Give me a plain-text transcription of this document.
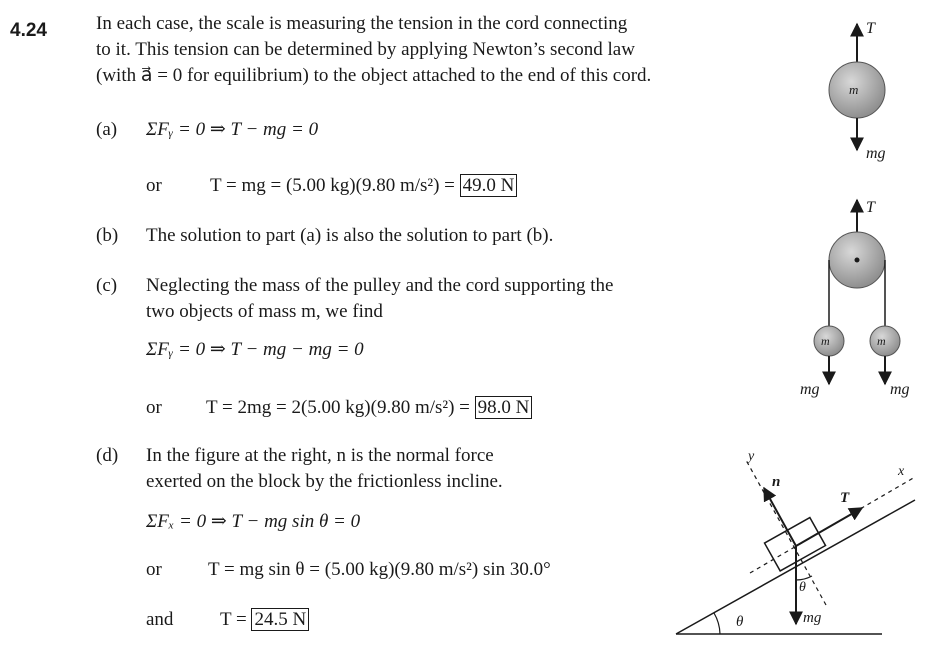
4.24	In each case, the scale is measuring the tension in the cord connecting
to it. This tension can be determined by applying Newton’s second law
(with a⃗ = 0 for equilibrium) to the object attached to the end of this cord.
(a) ΣFᵧ = 0 ⇒ T − mg = 0
or	T = mg = (5.00 kg)(9.80 m/s²) = 49.0 N
(b) The solution to part (a) is also the solution to part (b).
(c) Neglecting the mass of the pulley and the cord supporting the
two objects of mass m, we find
ΣFᵧ = 0 ⇒ T − mg − mg = 0
or T = 2mg = 2(5.00 kg)(9.80 m/s²) = 98.0 N
(d) In the figure at the right, n is the normal force
exerted on the block by the frictionless incline.
ΣFₓ = 0 ⇒ T − mg sin θ = 0
or T = mg sin θ = (5.00 kg)(9.80 m/s²) sin 30.0°
and T = 24.5 N
T
m
mg
T
m	m
mg	mg
θ
x
y
n
T
mg
θ
